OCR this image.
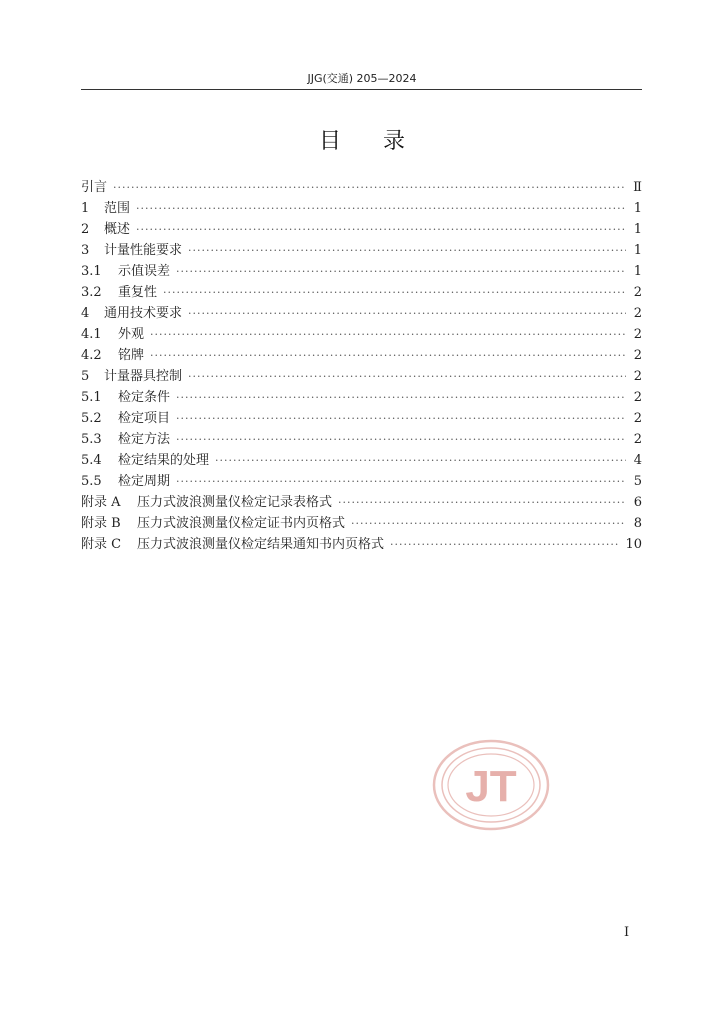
JJG(交通) 205—2024
目录
引言 ·····	Ⅱ
1	范围 ·····	1
2	概述 ·····	1
3	计量性能要求 ·····	1
3.1	示值误差 ·····	1
3.2	重复性 ·····	2
4	通用技术要求 ·····	2
4.1	外观 ·····	2
4.2	铭牌 ·····	2
5	计量器具控制 ·····	2
5.1	检定条件 ·····	2
5.2	检定项目 ·····	2
5.3	检定方法 ·····	2
5.4	检定结果的处理 ·····	4
5.5	检定周期 ·····	5
附录 A	压力式波浪测量仪检定记录表格式 ·····	6
附录 B	压力式波浪测量仪检定证书内页格式 ·····	8
附录 C	压力式波浪测量仪检定结果通知书内页格式 ·····	10
JT
I
